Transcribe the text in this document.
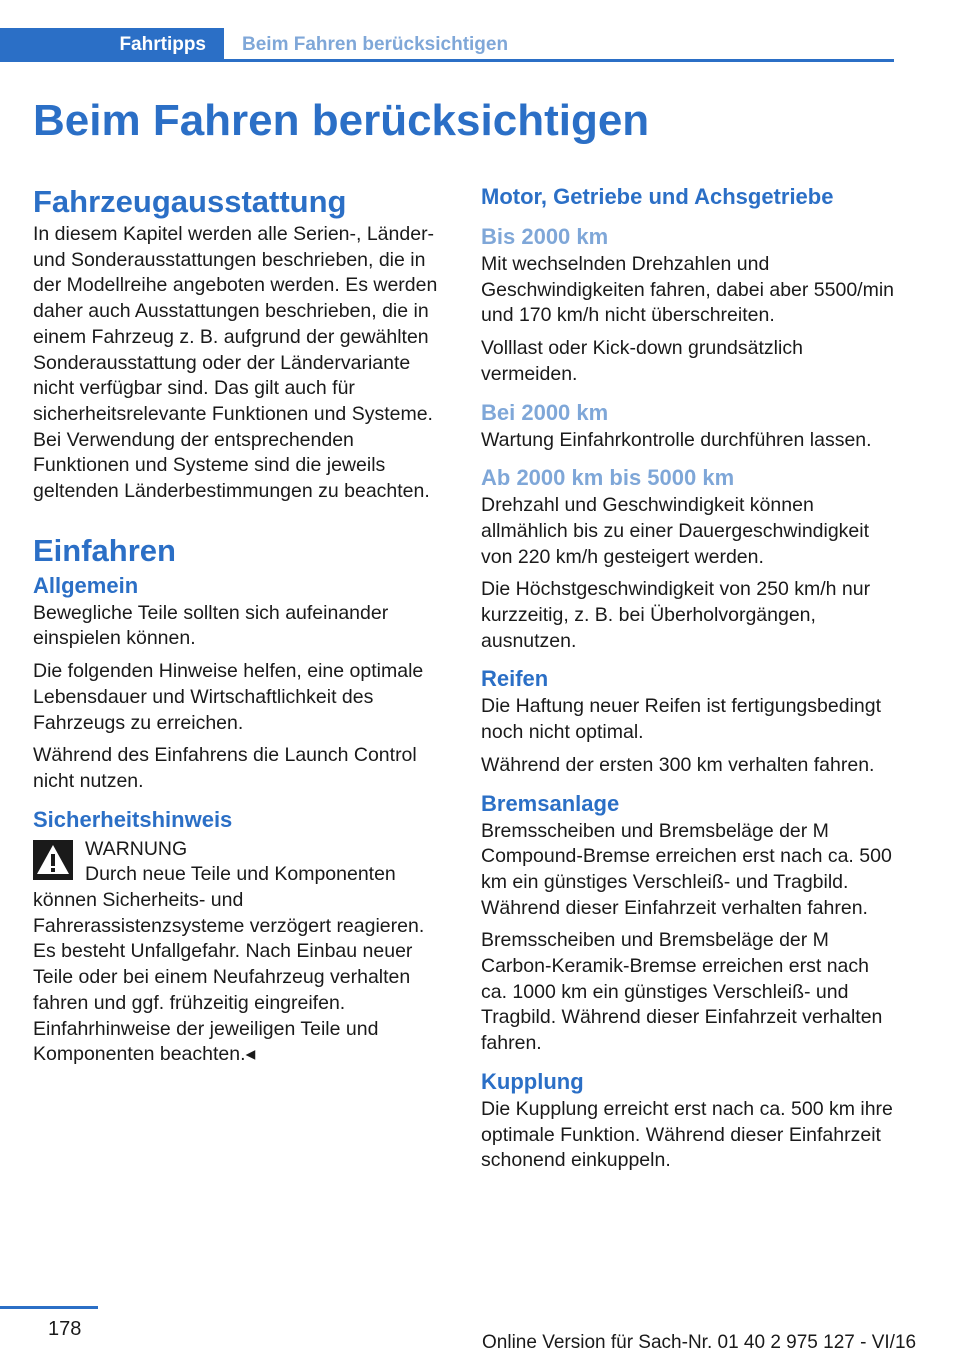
Fahrtipps	Beim Fahren berücksichtigen
Beim Fahren berücksichtigen
Fahrzeugausstattung

In diesem Kapitel werden alle Serien-, Länder- und Sonderausstattungen beschrieben, die in der Modellreihe angeboten werden. Es werden daher auch Ausstattungen beschrieben, die in einem Fahrzeug z. B. aufgrund der gewählten Sonderausstattung oder der Ländervariante nicht verfügbar sind. Das gilt auch für sicherheitsrelevante Funktionen und Systeme. Bei Verwendung der entsprechenden Funktionen und Systeme sind die jeweils geltenden Länderbestimmungen zu beachten.

Einfahren
Allgemein

Bewegliche Teile sollten sich aufeinander einspielen können.

Die folgenden Hinweise helfen, eine optimale Lebensdauer und Wirtschaftlichkeit des Fahrzeugs zu erreichen.

Während des Einfahrens die Launch Control nicht nutzen.

Sicherheitshinweis
WARNUNG
Durch neue Teile und Komponenten können Sicherheits- und Fahrerassistenzsysteme verzögert reagieren. Es besteht Unfallgefahr. Nach Einbau neuer Teile oder bei einem Neufahrzeug verhalten fahren und ggf. frühzeitig eingreifen. Einfahrhinweise der jeweiligen Teile und Komponenten beachten.◂
Motor, Getriebe und Achsgetriebe
Bis 2000 km

Mit wechselnden Drehzahlen und Geschwindigkeiten fahren, dabei aber 5500/min und 170 km/h nicht überschreiten.

Volllast oder Kick-down grundsätzlich vermeiden.

Bei 2000 km

Wartung Einfahrkontrolle durchführen lassen.

Ab 2000 km bis 5000 km

Drehzahl und Geschwindigkeit können allmählich bis zu einer Dauergeschwindigkeit von 220 km/h gesteigert werden.

Die Höchstgeschwindigkeit von 250 km/h nur kurzzeitig, z. B. bei Überholvorgängen, ausnutzen.

Reifen

Die Haftung neuer Reifen ist fertigungsbedingt noch nicht optimal.

Während der ersten 300 km verhalten fahren.

Bremsanlage

Bremsscheiben und Bremsbeläge der M Compound-Bremse erreichen erst nach ca. 500 km ein günstiges Verschleiß- und Tragbild. Während dieser Einfahrzeit verhalten fahren.

Bremsscheiben und Bremsbeläge der M Carbon-Keramik-Bremse erreichen erst nach ca. 1000 km ein günstiges Verschleiß- und Tragbild. Während dieser Einfahrzeit verhalten fahren.

Kupplung

Die Kupplung erreicht erst nach ca. 500 km ihre optimale Funktion. Während dieser Einfahrzeit schonend einkuppeln.

178
Online Version für Sach-Nr. 01 40 2 975 127 - VI/16
